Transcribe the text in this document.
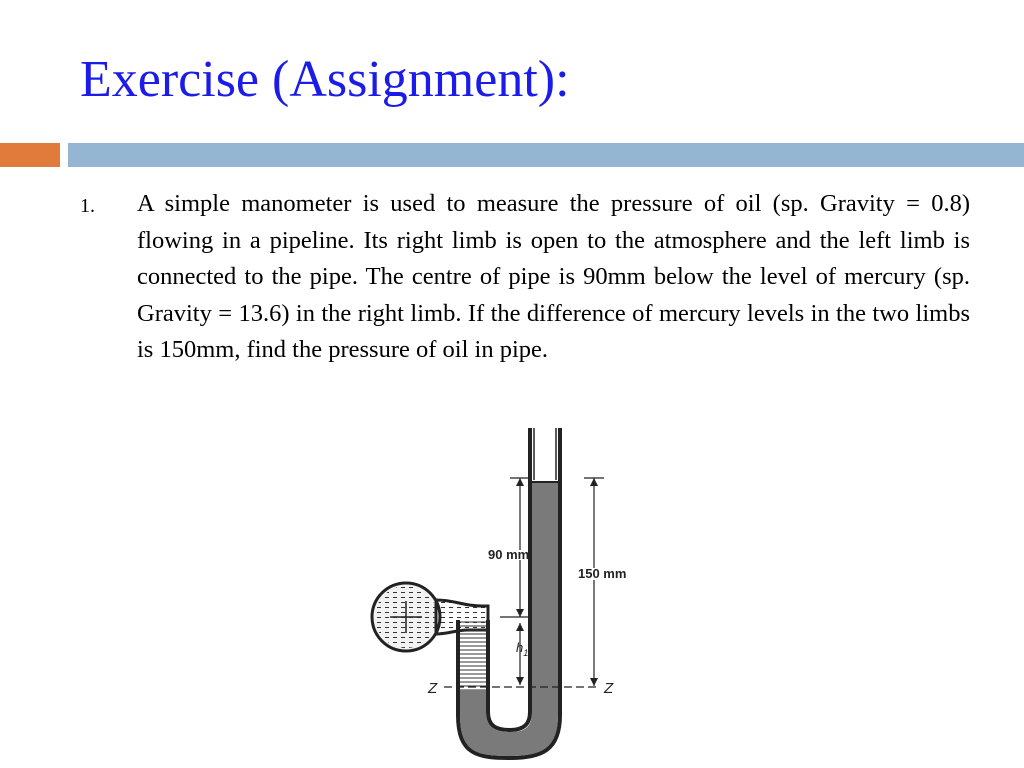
Exercise (Assignment):
1. A simple manometer is used to measure the pressure of oil (sp. Gravity = 0.8) flowing in a pipeline. Its right limb is open to the atmosphere and the left limb is connected to the pipe. The centre of pipe is 90mm below the level of mercury (sp. Gravity = 13.6) in the right limb. If the difference of mercury levels in the two limbs is 150mm, find the pressure of oil in pipe.
90 mm
$h_1$
150 mm
Z	Z
